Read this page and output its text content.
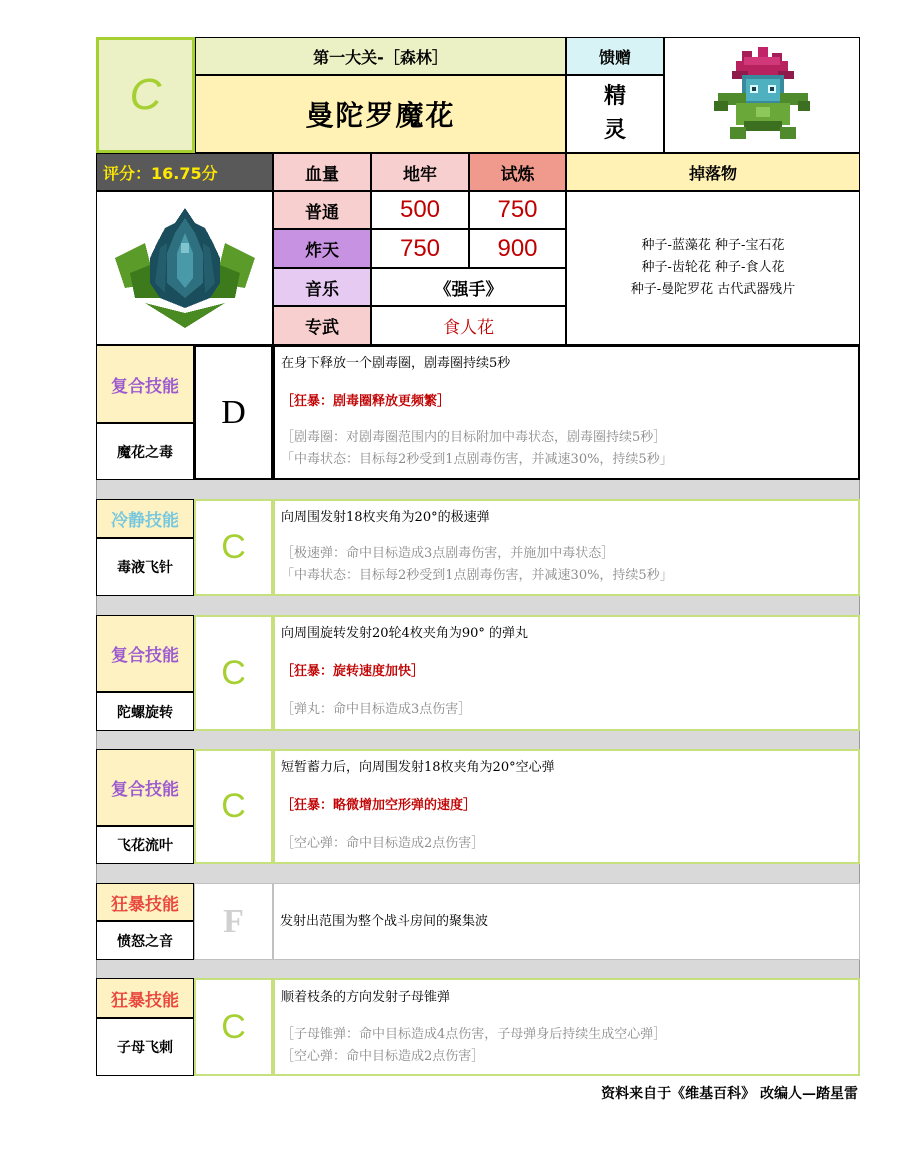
C
第一大关-［森林］
曼陀罗魔花
馈赠
精
灵
评分：16.75分	血量	地牢	试炼
普通	500 750
炸天	750 900
音乐	《强手》
专武	食人花
掉落物
种子-蓝藻花 种子-宝石花
种子-齿轮花 种子-食人花
种子-曼陀罗花 古代武器残片
复合技能
魔花之毒
D

在身下释放一个剧毒圈，剧毒圈持续5秒

［狂暴：剧毒圈释放更频繁］

［剧毒圈：对剧毒圈范围内的目标附加中毒状态，剧毒圈持续5秒］

「中毒状态：目标每2秒受到1点剧毒伤害，并减速30%，持续5秒」

冷静技能
毒液飞针
C

向周围发射18枚夹角为20°的极速弹

［极速弹：命中目标造成3点剧毒伤害，并施加中毒状态］

「中毒状态：目标每2秒受到1点剧毒伤害，并减速30%，持续5秒」

复合技能
陀螺旋转
C

向周围旋转发射20轮4枚夹角为90° 的弹丸

［狂暴：旋转速度加快］

［弹丸：命中目标造成3点伤害］

复合技能
飞花流叶
C

短暂蓄力后，向周围发射18枚夹角为20°空心弹

［狂暴：略微增加空形弹的速度］

［空心弹：命中目标造成2点伤害］

狂暴技能
愤怒之音
F	发射出范围为整个战斗房间的聚集波

狂暴技能
子母飞刺
C

顺着枝条的方向发射子母锥弹

［子母锥弹：命中目标造成4点伤害，子母弹身后持续生成空心弹］

［空心弹：命中目标造成2点伤害］

资料来自于《维基百科》 改编人—踏星雷
